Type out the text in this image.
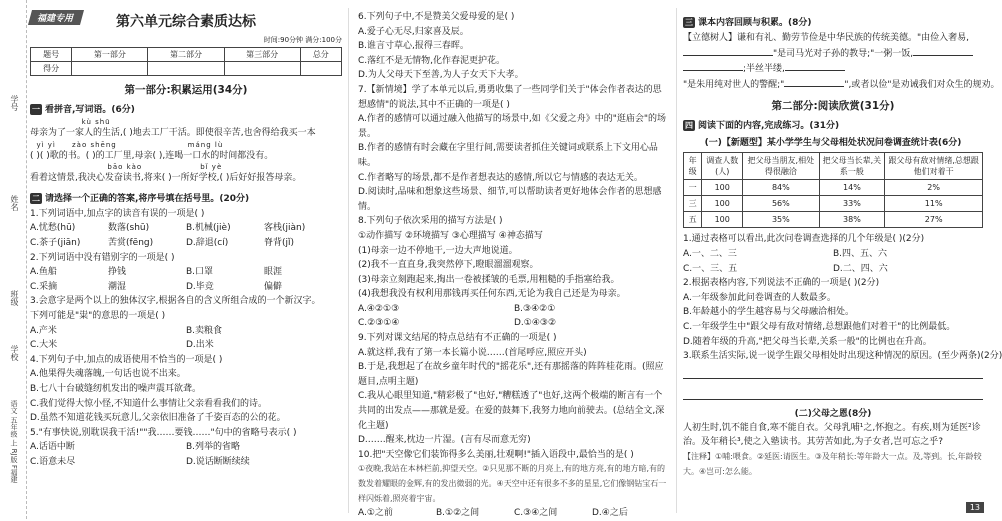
学号
姓名
班级
学校
语文 五年级 上 RJ版 F福建
福建专用	第六单元综合素质达标
时间:90分钟 满分:100分
题号	第一部分	第二部分	第三部分	总分
得分				
第一部分:积累运用(34分)
一 看拼音,写词语。(6分)
kù shū
母亲为了一家人的生活,( )地去工厂干活。即使很辛苦,也舍得给我买一本
yì yì     zào shēng                      máng lù
( )( )歌的书。( )的工厂里,母亲( ),连喝一口水的时间都没有。
bāo kào                  bǐ yè
看着这情景,我决心发奋读书,将来( )一所好学校,( )后好好报答母亲。
二 请选择一个正确的答案,将序号填在括号里。(20分)
1.下列词语中,加点字的读音有误的一项是( )
A.忧愁(hū)	数落(shū)	B.机械(jiè)	客栈(jiàn)
C.茶子(jiān)	苦赏(fēng)	D.辞退(cí)	脊背(jǐ)
2.下列词语中没有错别字的一项是( )
A.鱼船	挣钱	B.口罩	眼涯
C.采摘	潮湿	D.毕竞	偏僻
3.会意字是两个以上的独体汉字,根据各自的含义所组合成的一个新汉字。
下列可能是"粜"的意思的一项是( )
A.产米	B.卖粮食
C.大米	D.出米
4.下列句子中,加点的成语使用不恰当的一项是( )
A.他果得失魂落魄,一句话也说不出来。
B.七八十台破缝纫机发出的噪声震耳欲聋。
C.我们觉得大惊小怪,不知道什么事情让父亲看看我们的诗。
D.虽然不知道花钱买玩意儿,父亲依旧准备了千姿百态的公的花。
5."有事快说,别耽误我干活!""我……要钱……"句中的省略号表示( )
A.话语中断	B.列举的省略
C.语意未尽	D.说话断断续续
6.下列句子中,不是赞美父爱母爱的是( )
A.爱子心无尽,归家喜及辰。
B.谁言寸草心,报得三春晖。
C.落红不是无情物,化作春泥更护花。
D.为人父母天下至善,为人子女天下大孝。
7.【新情境】学了本单元以后,勇勇收集了一些同学们关于"体会作者表达的思想感情"的说法,其中不正确的一项是( )
A.作者的感情可以通过融入他描写的场景中,如《父爱之舟》中的"逛庙会"的场景。
B.作者的感情有时会藏在字里行间,需要读者抓住关键词或联系上下文用心品味。
C.作者略写的场景,都不是作者想表达的感情,所以它与情感的表达无关。
D.阅读时,品味和想象这些场景、细节,可以帮助读者更好地体会作者的思想感情。
8.下列句子依次采用的描写方法是( )
①动作描写 ②环境描写 ③心理描写 ④神态描写
(1)母亲一边不停地干,一边大声地说道。
(2)我不一直直身,我突然停下,瞪眼溜溜观察。
(3)母亲立刻跑起来,掏出一卷被揉皱的毛票,用粗糙的手指塞给我。
(4)我想我没有权利用那钱再买任何东西,无论为我自己还是为母亲。
A.④②①③	B.③④②①
C.②③①④	D.①④③②
9.下列对课文结尾的特点总结有不正确的一项是( )
A.就这样,我有了第一本长篇小说……(首尾呼应,照应开头)
B.于是,我想起了在故乡童年时代的"摇花乐",还有那摇落的阵阵桂花雨。(照应题目,点明主题)
C.我从心眼里知道,"精彩极了"也好,"糟糕透了"也好,这两个极端的断言有一个共同的出发点——那就是爱。在爱的鼓舞下,我努力地向前驶去。(总结全文,深化主题)
D.……醒来,枕边一片湿。(言有尽而意无穷)
10.把"天空像它们装饰得多么美丽,壮观啊!"插入语段中,最恰当的是( )
①夜晚,我站在本林栏前,抑望天空。②只见那不断的月亮上,有的地方亮,有的地方暗,有的数发着耀眼的金辉,有的发出微弱的光。④天空中还有很多不多的星星,它们像钢钻宝石一样闪烁着,照亮着宇宙。
A.①之前	B.①②之间	C.③④之间	D.④之后
三 课本内容回顾与积累。(8分)
【立德树人】谦和有礼、勤劳节俭是中华民族的传统美德。"由俭入奢易,
"是司马光对子孙的教导;"一粥一饭,
;半丝半缕,
"是朱用纯对世人的警醒;"	",或者以俭"是劝诫我们对众生的规劝。
第二部分:阅读欣赏(31分)
四 阅读下面的内容,完成练习。(31分)
(一)【新题型】某小学学生与父母相处状况问卷调查统计表(6分)
年级	调查人数(人)	把父母当朋友,相处得很融洽	把父母当长辈,关系一般	跟父母有敌对情绪,总想跟他们对着干
一	100	84%	14%	2%
三	100	56%	33%	11%
五	100	35%	38%	27%
1.通过表格可以看出,此次问卷调查选择的几个年级是( )(2分)
A.一、二、三	B.四、五、六
C.一、三、五	D.二、四、六
2.根据表格内容,下列说法不正确的一项是( )(2分)
A.一年级参加此问卷调查的人数最多。
B.年龄越小的学生越容易与父母融洽相处。
C.一年级学生中"跟父母有敌对情绪,总想跟他们对着干"的比例最低。
D.随着年级的升高,"把父母当长辈,关系一般"的比例也在升高。
3.联系生活实际,说一说学生跟父母相处时出现这种情况的原因。(至少两条)(2分)
(二)父母之恩(8分)
人初生时,饥不能自食,寒不能自衣。父母乳哺¹之,怀抱之。有疾,则为延医²诊治。及年稍长³,使之入塾读书。其劳苦如此,为子女者,岂可忘之乎?
【注释】①哺:喂食。②延医:请医生。③及年稍长:等年龄大一点。及,等到。长,年龄较大。④岂可:怎么能。
13
